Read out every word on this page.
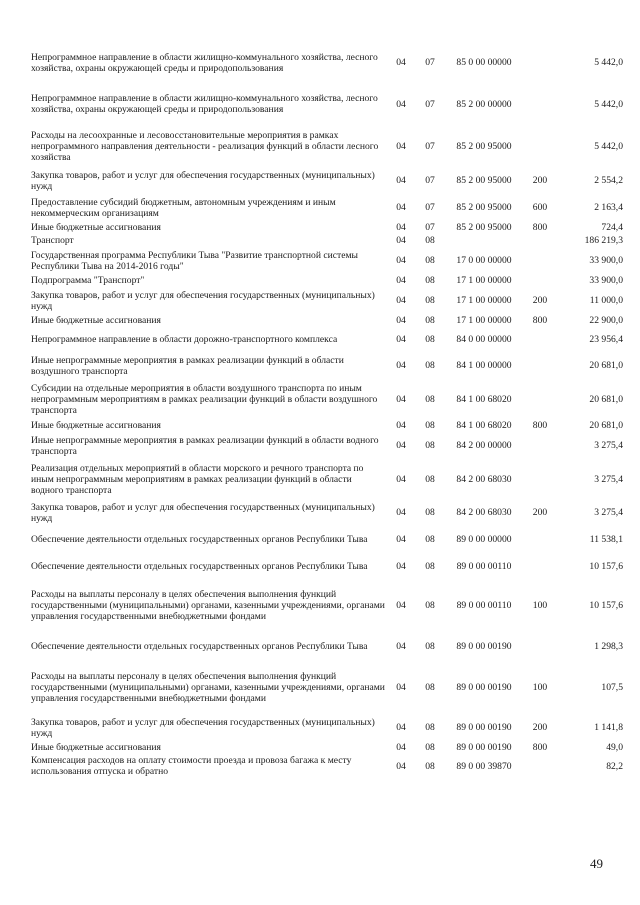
Непрограммное направление в области жилищно-коммунального хозяйства, лесного хозяйства, охраны окружающей среды и природопользования	04	07	85 0 00 00000		5 442,0
Непрограммное направление в области жилищно-коммунального хозяйства, лесного хозяйства, охраны окружающей среды и природопользования	04	07	85 2 00 00000		5 442,0
Расходы на лесоохранные и лесовосстановительные мероприятия в рамках непрограммного направления деятельности - реализация функций в области лесного хозяйства	04	07	85 2 00 95000		5 442,0
Закупка товаров, работ и услуг для обеспечения государственных (муниципальных) нужд	04	07	85 2 00 95000	200	2 554,2
Предоставление субсидий бюджетным, автономным учреждениям и иным некоммерческим организациям	04	07	85 2 00 95000	600	2 163,4
Иные бюджетные ассигнования	04	07	85 2 00 95000	800	724,4
Транспорт	04	08			186 219,3
Государственная программа Республики Тыва "Развитие транспортной системы Республики Тыва на 2014-2016 годы"	04	08	17 0 00 00000		33 900,0
Подпрограмма "Транспорт"	04	08	17 1 00 00000		33 900,0
Закупка товаров, работ и услуг для обеспечения государственных (муниципальных) нужд	04	08	17 1 00 00000	200	11 000,0
Иные бюджетные ассигнования	04	08	17 1 00 00000	800	22 900,0
Непрограммное направление в области дорожно-транспортного комплекса	04	08	84 0 00 00000		23 956,4
Иные непрограммные мероприятия в рамках реализации функций в области воздушного транспорта	04	08	84 1 00 00000		20 681,0
Субсидии на отдельные мероприятия в области воздушного транспорта по иным непрограммным мероприятиям в рамках реализации функций в области воздушного транспорта	04	08	84 1 00 68020		20 681,0
Иные бюджетные ассигнования	04	08	84 1 00 68020	800	20 681,0
Иные непрограммные мероприятия в рамках реализации функций в области водного транспорта	04	08	84 2 00 00000		3 275,4
Реализация отдельных мероприятий в области морского и речного транспорта по иным непрограммным мероприятиям в рамках реализации функций в области водного транспорта	04	08	84 2 00 68030		3 275,4
Закупка товаров, работ и услуг для обеспечения государственных (муниципальных) нужд	04	08	84 2 00 68030	200	3 275,4
Обеспечение деятельности отдельных государственных органов Республики Тыва	04	08	89 0 00 00000		11 538,1
Обеспечение деятельности отдельных государственных органов Республики Тыва	04	08	89 0 00 00110		10 157,6
Расходы на выплаты персоналу в целях обеспечения выполнения функций государственными (муниципальными) органами, казенными учреждениями, органами управления государственными внебюджетными фондами	04	08	89 0 00 00110	100	10 157,6
Обеспечение деятельности отдельных государственных органов Республики Тыва	04	08	89 0 00 00190		1 298,3
Расходы на выплаты персоналу в целях обеспечения выполнения функций государственными (муниципальными) органами, казенными учреждениями, органами управления государственными внебюджетными фондами	04	08	89 0 00 00190	100	107,5
Закупка товаров, работ и услуг для обеспечения государственных (муниципальных) нужд	04	08	89 0 00 00190	200	1 141,8
Иные бюджетные ассигнования	04	08	89 0 00 00190	800	49,0
Компенсация расходов на оплату стоимости проезда и провоза багажа к месту использования отпуска и обратно	04	08	89 0 00 39870		82,2
49
